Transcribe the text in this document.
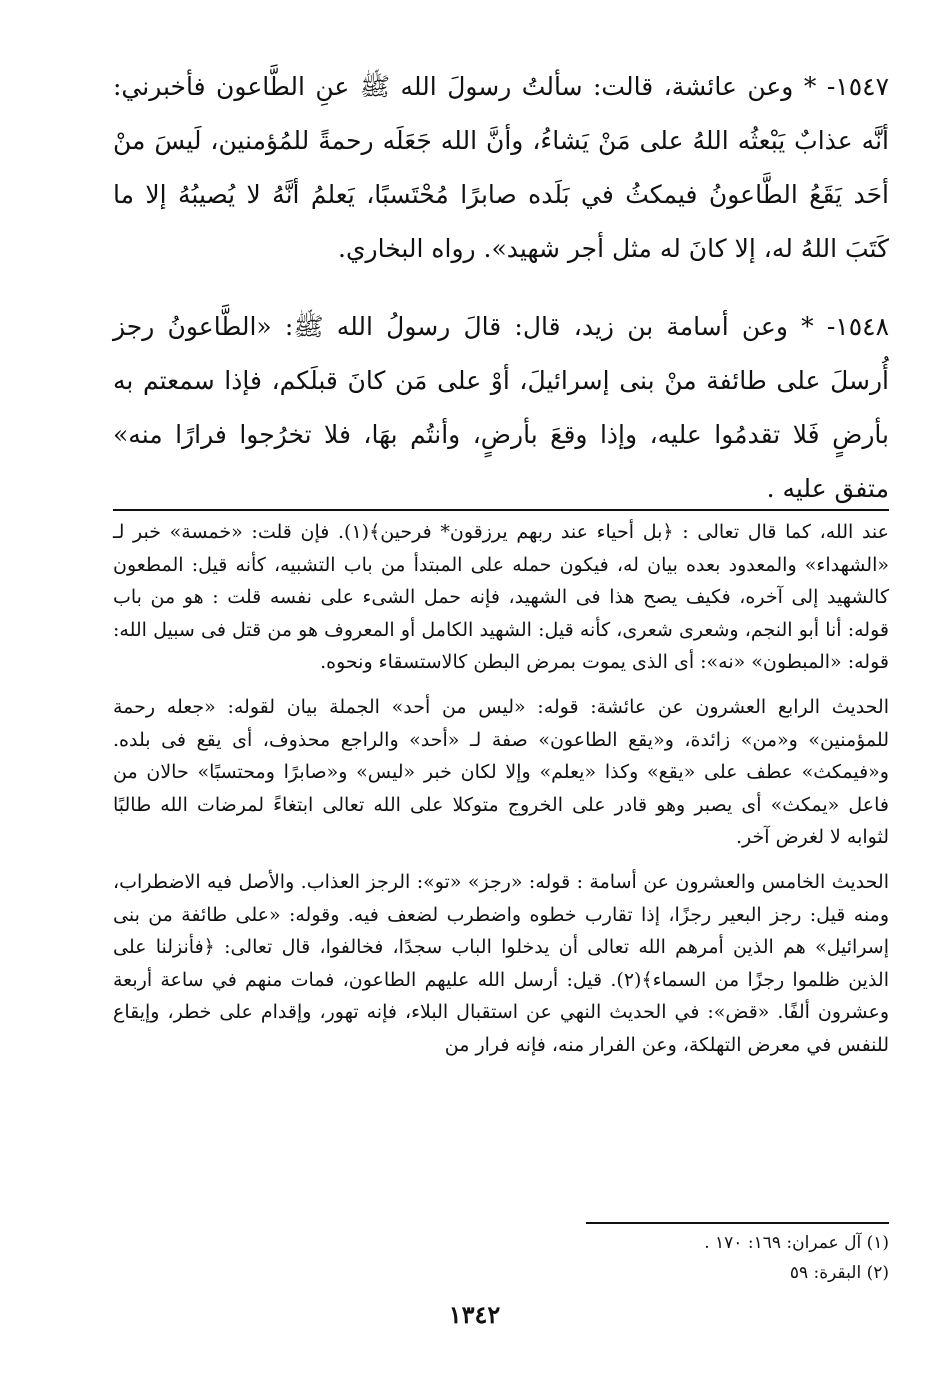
١٥٤٧- * وعن عائشة، قالت: سألتُ رسولَ الله ﷺ عنِ الطَّاعون فأخبرني: أنَّه عذابٌ يَبْعثُه اللهُ على مَنْ يَشاءُ، وأنَّ الله جَعَلَه رحمةً للمُؤمنين، لَيسَ منْ أحَد يَقَعُ الطَّاعونُ فيمكثُ في بَلَده صابرًا مُحْتَسبًا، يَعلمُ أنَّهُ لا يُصيبُهُ إلا ما كَتَبَ اللهُ له، إلا كانَ له مثل أجر شهيد». رواه البخاري.

١٥٤٨- * وعن أسامة بن زيد، قال: قالَ رسولُ الله ﷺ: «الطَّاعونُ رجز أُرسلَ على طائفة منْ بنى إسرائيلَ، أوْ على مَن كانَ قبلَكم، فإذا سمعتم به بأرضٍ فَلا تقدمُوا عليه، وإذا وقعَ بأرضٍ، وأنتُم بهَا، فلا تخرُجوا فرارًا منه» متفق عليه .

عند الله، كما قال تعالى : ﴿بل أحياء عند ربهم يرزقون* فرحين﴾(١). فإن قلت: «خمسة» خبر لـ «الشهداء» والمعدود بعده بيان له، فيكون حمله على المبتدأ من باب التشبيه، كأنه قيل: المطعون كالشهيد إلى آخره، فكيف يصح هذا فى الشهيد، فإنه حمل الشىء على نفسه قلت : هو من باب قوله: أنا أبو النجم، وشعرى شعرى، كأنه قيل: الشهيد الكامل أو المعروف هو من قتل فى سبيل الله: قوله: «المبطون» «نه»: أى الذى يموت بمرض البطن كالاستسقاء ونحوه.

الحديث الرابع العشرون عن عائشة: قوله: «ليس من أحد» الجملة بيان لقوله: «جعله رحمة للمؤمنين» و«من» زائدة، و«يقع الطاعون» صفة لـ «أحد» والراجع محذوف، أى يقع فى بلده. و«فيمكث» عطف على «يقع» وكذا «يعلم» وإلا لكان خبر «ليس» و«صابرًا ومحتسبًا» حالان من فاعل «يمكث» أى يصبر وهو قادر على الخروج متوكلا على الله تعالى ابتغاءً لمرضات الله طالبًا لثوابه لا لغرض آخر.

الحديث الخامس والعشرون عن أسامة : قوله: «رجز» «تو»: الرجز العذاب. والأصل فيه الاضطراب، ومنه قيل: رجز البعير رجزًا، إذا تقارب خطوه واضطرب لضعف فيه. وقوله: «على طائفة من بنى إسرائيل» هم الذين أمرهم الله تعالى أن يدخلوا الباب سجدًا، فخالفوا، قال تعالى: ﴿فأنزلنا على الذين ظلموا رجزًا من السماء﴾(٢). قيل: أرسل الله عليهم الطاعون، فمات منهم في ساعة أربعة وعشرون ألفًا. «قض»: في الحديث النهي عن استقبال البلاء، فإنه تهور، وإقدام على خطر، وإيقاع للنفس في معرض التهلكة، وعن الفرار منه، فإنه فرار من

(١) آل عمران: ١٦٩: ١٧٠ .
(٢) البقرة: ٥٩
١٣٤٢
